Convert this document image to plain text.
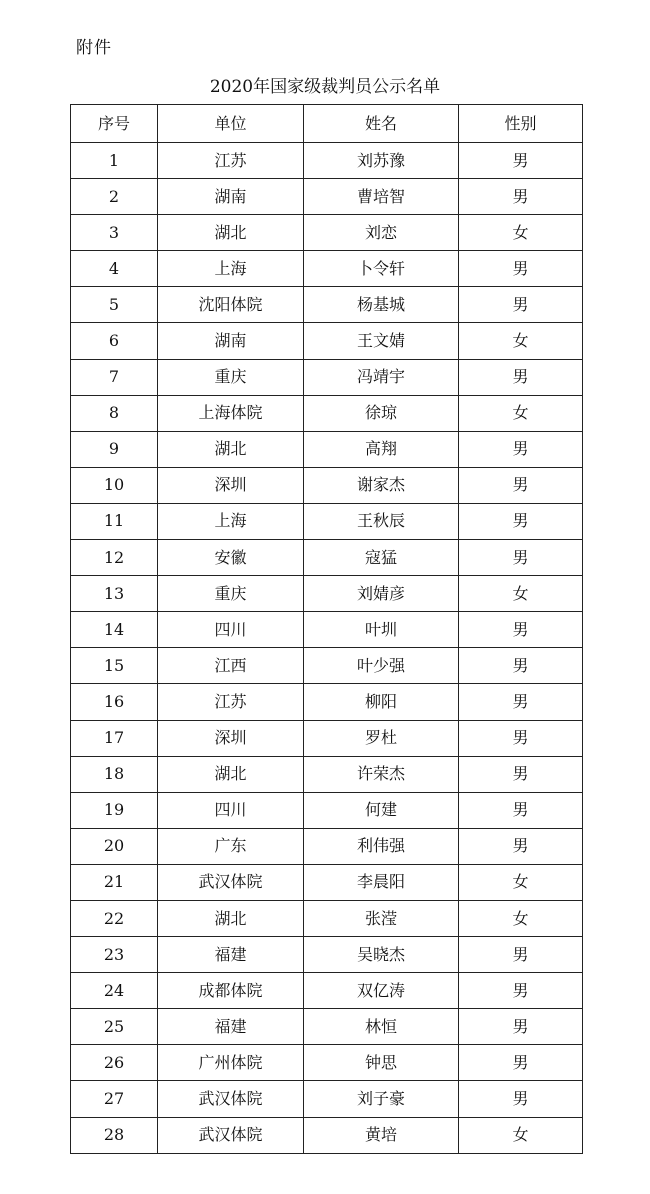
附件
2020年国家级裁判员公示名单
序号	单位	姓名	性别
1	江苏	刘苏豫	男
2	湖南	曹培智	男
3	湖北	刘恋	女
4	上海	卜令轩	男
5	沈阳体院	杨基城	男
6	湖南	王文婧	女
7	重庆	冯靖宇	男
8	上海体院	徐琼	女
9	湖北	高翔	男
10	深圳	谢家杰	男
11	上海	王秋辰	男
12	安徽	寇猛	男
13	重庆	刘婧彦	女
14	四川	叶圳	男
15	江西	叶少强	男
16	江苏	柳阳	男
17	深圳	罗杜	男
18	湖北	许荣杰	男
19	四川	何建	男
20	广东	利伟强	男
21	武汉体院	李晨阳	女
22	湖北	张滢	女
23	福建	吴晓杰	男
24	成都体院	双亿涛	男
25	福建	林恒	男
26	广州体院	钟思	男
27	武汉体院	刘子豪	男
28	武汉体院	黄培	女
